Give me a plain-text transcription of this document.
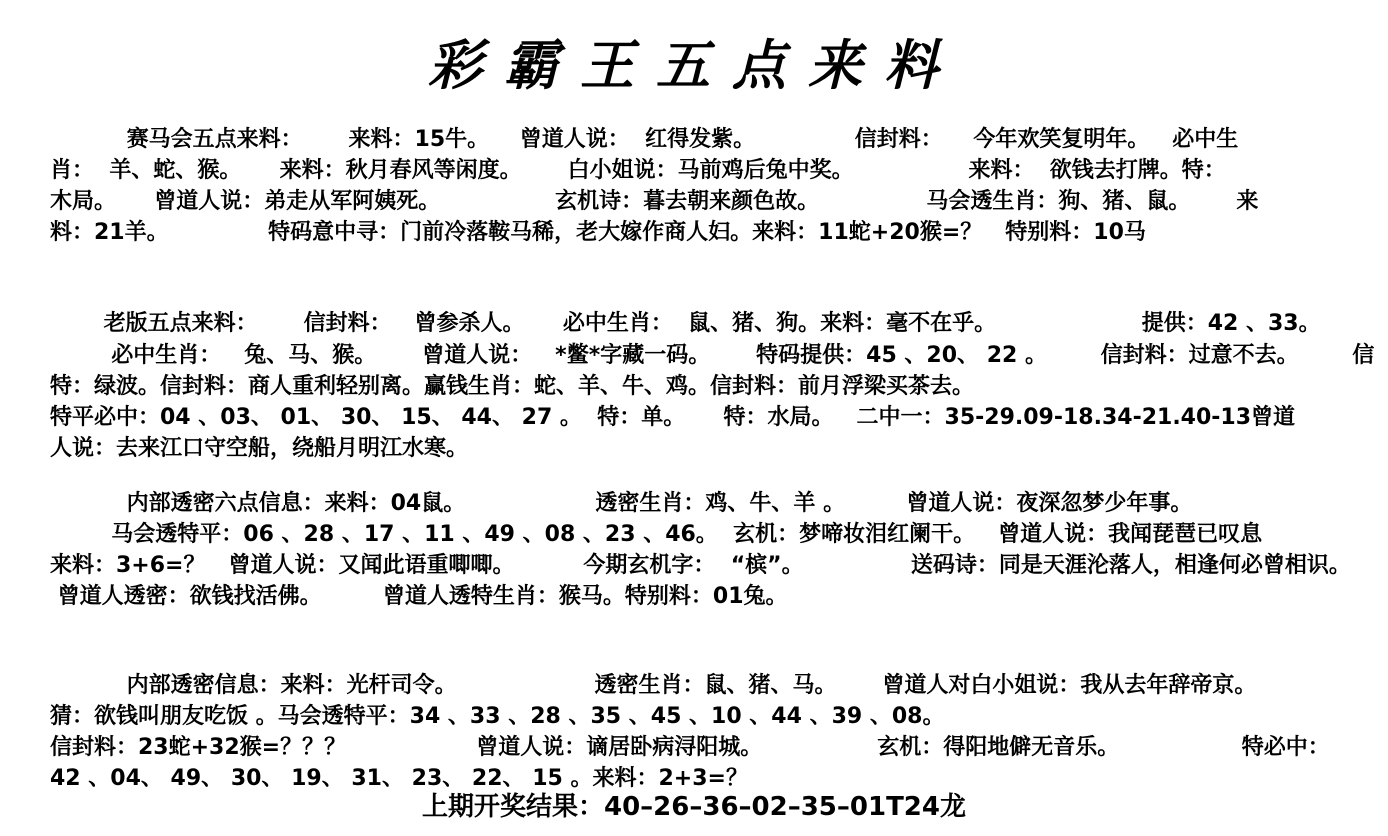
彩霸王五点来料
赛马会五点来料：      来料：15牛。    曾道人说：  红得发紫。             信封料：    今年欢笑复明年。   必中生
肖：  羊、蛇、猴。     来料：秋月春风等闲度。      白小姐说：马前鸡后兔中奖。               来料：  欲钱去打牌。特：
木局。     曾道人说：弟走从军阿姨死。               玄机诗：暮去朝来颜色故。              马会透生肖：狗、猪、鼠。      来
料：21羊。             特码意中寻：门前冷落鞍马稀，老大嫁作商人妇。来料：11蛇+20猴=？   特别料：10马
老版五点来料：      信封料：   曾参杀人。     必中生肖：  鼠、猪、狗。来料：毫不在乎。                   提供：42 、33。
必中生肖：   兔、马、猴。      曾道人说：   *鳖*字藏一码。      特码提供：45 、20、 22 。       信封料：过意不去。       信
特：绿波。信封料：商人重利轻别离。赢钱生肖：蛇、羊、牛、鸡。信封料：前月浮梁买茶去。
特平必中：04 、03、 01、 30、 15、 44、 27 。  特：单。     特：水局。   二中一：35-29.09-18.34-21.40-13曾道
人说：去来江口守空船，绕船月明江水寒。
内部透密六点信息：来料：04鼠。                 透密生肖：鸡、牛、羊 。        曾道人说：夜深忽梦少年事。
马会透特平：06 、28 、17 、11 、49 、08 、23 、46。  玄机：梦啼妆泪红阑干。   曾道人说：我闻琵琶已叹息
来料：3+6=？   曾道人说：又闻此语重唧唧。         今期玄机字：  “槟”。              送码诗：同是天涯沦落人，相逢何必曾相识。
曾道人透密：欲钱找活佛。        曾道人透特生肖：猴马。特别料：01兔。
内部透密信息：来料：光杆司令。                  透密生肖：鼠、猪、马。      曾道人对白小姐说：我从去年辞帝京。
猜：欲钱叫朋友吃饭 。马会透特平：34 、33 、28 、35 、45 、10 、44 、39 、08。
信封料：23蛇+32猴=？？？                 曾道人说：谪居卧病浔阳城。               玄机：得阳地僻无音乐。                特必中：
42 、04、 49、 30、 19、 31、 23、 22、 15 。来料：2+3=？
上期开奖结果：40–26–36–02–35–01T24龙
